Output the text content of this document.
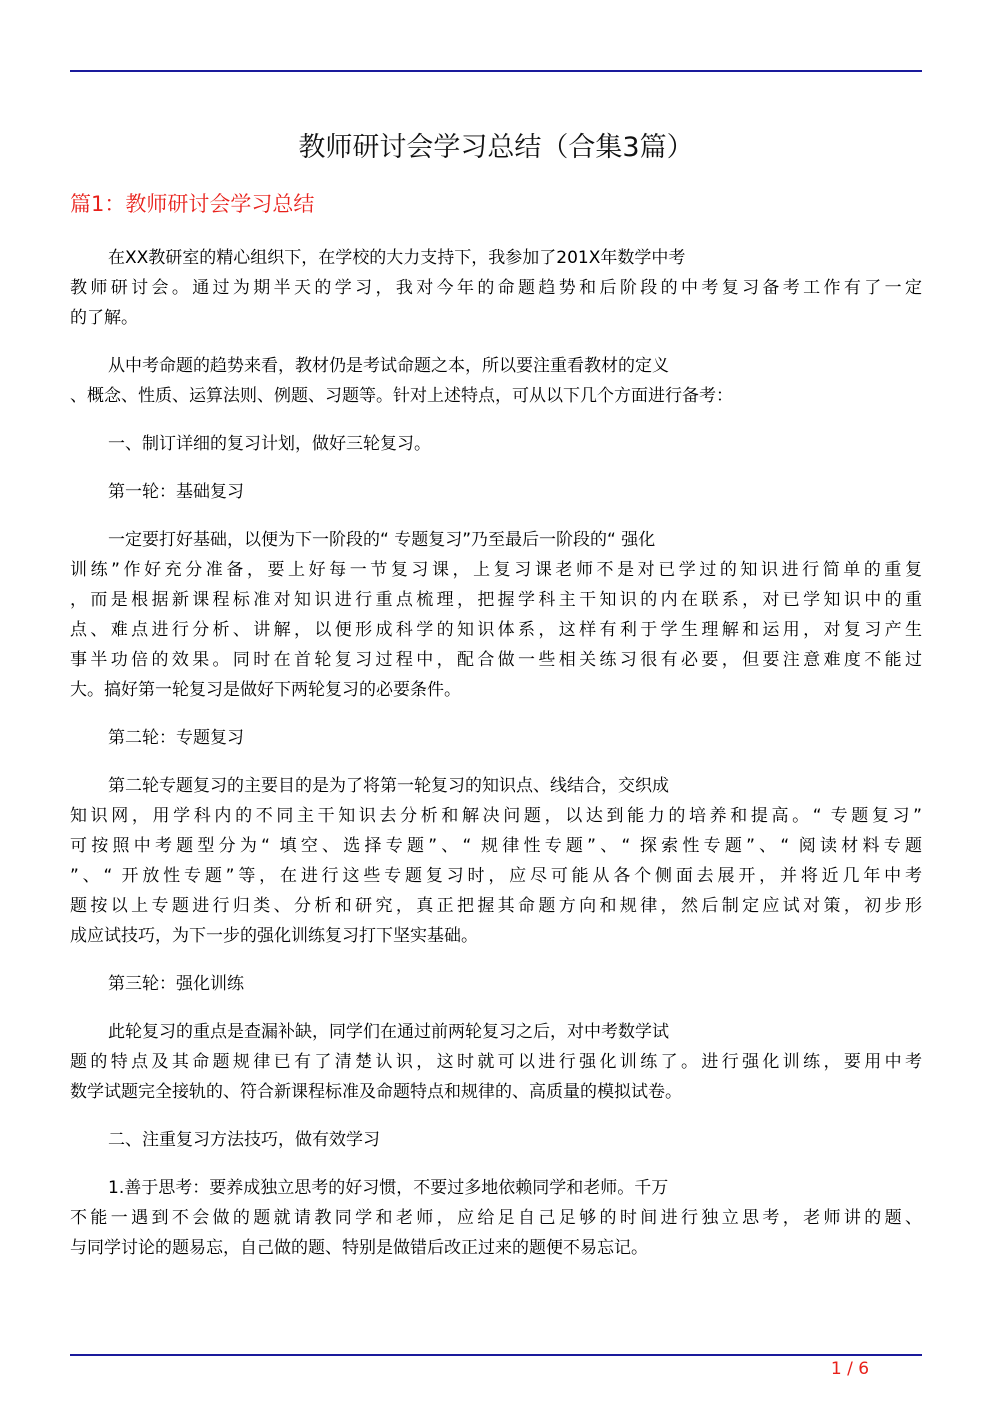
教师研讨会学习总结（合集3篇）
篇1：教师研讨会学习总结

在XX教研室的精心组织下，在学校的大力支持下，我参加了201X年数学中考
教师研讨会。通过为期半天的学习，我对今年的命题趋势和后阶段的中考复习备考工作有了一定
的了解。

从中考命题的趋势来看，教材仍是考试命题之本，所以要注重看教材的定义
、概念、性质、运算法则、例题、习题等。针对上述特点，可从以下几个方面进行备考：

一、制订详细的复习计划，做好三轮复习。

第一轮：基础复习

一定要打好基础，以便为下一阶段的“ 专题复习”乃至最后一阶段的“ 强化
训练”作好充分准备，要上好每一节复习课，上复习课老师不是对已学过的知识进行简单的重复
，而是根据新课程标准对知识进行重点梳理，把握学科主干知识的内在联系，对已学知识中的重
点、难点进行分析、讲解，以便形成科学的知识体系，这样有利于学生理解和运用，对复习产生
事半功倍的效果。同时在首轮复习过程中，配合做一些相关练习很有必要，但要注意难度不能过
大。搞好第一轮复习是做好下两轮复习的必要条件。

第二轮：专题复习

第二轮专题复习的主要目的是为了将第一轮复习的知识点、线结合，交织成
知识网，用学科内的不同主干知识去分析和解决问题，以达到能力的培养和提高。“ 专题复习”
可按照中考题型分为“ 填空、选择专题”、“ 规律性专题”、“ 探索性专题”、“ 阅读材料专题
”、“ 开放性专题”等，在进行这些专题复习时，应尽可能从各个侧面去展开，并将近几年中考
题按以上专题进行归类、分析和研究，真正把握其命题方向和规律，然后制定应试对策，初步形
成应试技巧，为下一步的强化训练复习打下坚实基础。

第三轮：强化训练

此轮复习的重点是查漏补缺，同学们在通过前两轮复习之后，对中考数学试
题的特点及其命题规律已有了清楚认识，这时就可以进行强化训练了。进行强化训练，要用中考
数学试题完全接轨的、符合新课程标准及命题特点和规律的、高质量的模拟试卷。

二、注重复习方法技巧，做有效学习

1.善于思考：要养成独立思考的好习惯，不要过多地依赖同学和老师。千万
不能一遇到不会做的题就请教同学和老师，应给足自己足够的时间进行独立思考，老师讲的题、
与同学讨论的题易忘，自己做的题、特别是做错后改正过来的题便不易忘记。

1 / 6
